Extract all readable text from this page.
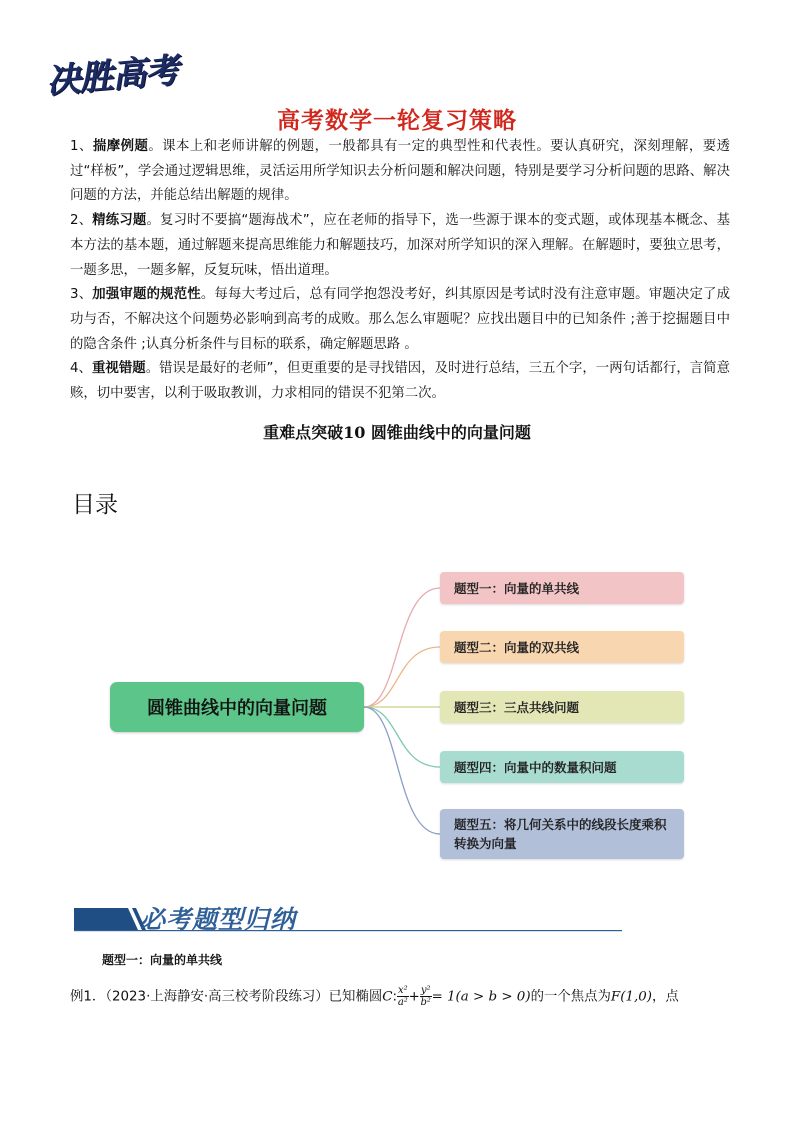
决胜高考
高考数学一轮复习策略

1、揣摩例题。课本上和老师讲解的例题，一般都具有一定的典型性和代表性。要认真研究，深刻理解，要透过“样板”，学会通过逻辑思维，灵活运用所学知识去分析问题和解决问题，特别是要学习分析问题的思路、解决问题的方法，并能总结出解题的规律。

2、精练习题。复习时不要搞“题海战术”，应在老师的指导下，选一些源于课本的变式题，或体现基本概念、基本方法的基本题，通过解题来提高思维能力和解题技巧，加深对所学知识的深入理解。在解题时，要独立思考，一题多思，一题多解，反复玩味，悟出道理。

3、加强审题的规范性。每每大考过后，总有同学抱怨没考好，纠其原因是考试时没有注意审题。审题决定了成功与否，不解决这个问题势必影响到高考的成败。那么怎么审题呢？应找出题目中的已知条件 ;善于挖掘题目中的隐含条件 ;认真分析条件与目标的联系，确定解题思路 。

4、重视错题。错误是最好的老师”，但更重要的是寻找错因，及时进行总结，三五个字，一两句话都行，言简意赅，切中要害，以利于吸取教训，力求相同的错误不犯第二次。

重难点突破10 圆锥曲线中的向量问题
目录
圆锥曲线中的向量问题
题型一：向量的单共线
题型二：向量的双共线
题型三：三点共线问题
题型四：向量中的数量积问题
题型五：将几何关系中的线段长度乘积转换为向量
必考题型归纳
题型一：向量的单共线
例1．（2023·上海静安·高三校考阶段练习）已知椭圆C: $\frac{\text{x²}}{\text{a²}} + \frac{\text{y²}}{\text{b²}} = 1(a > b > 0)$的一个焦点为F(1,0)，点
